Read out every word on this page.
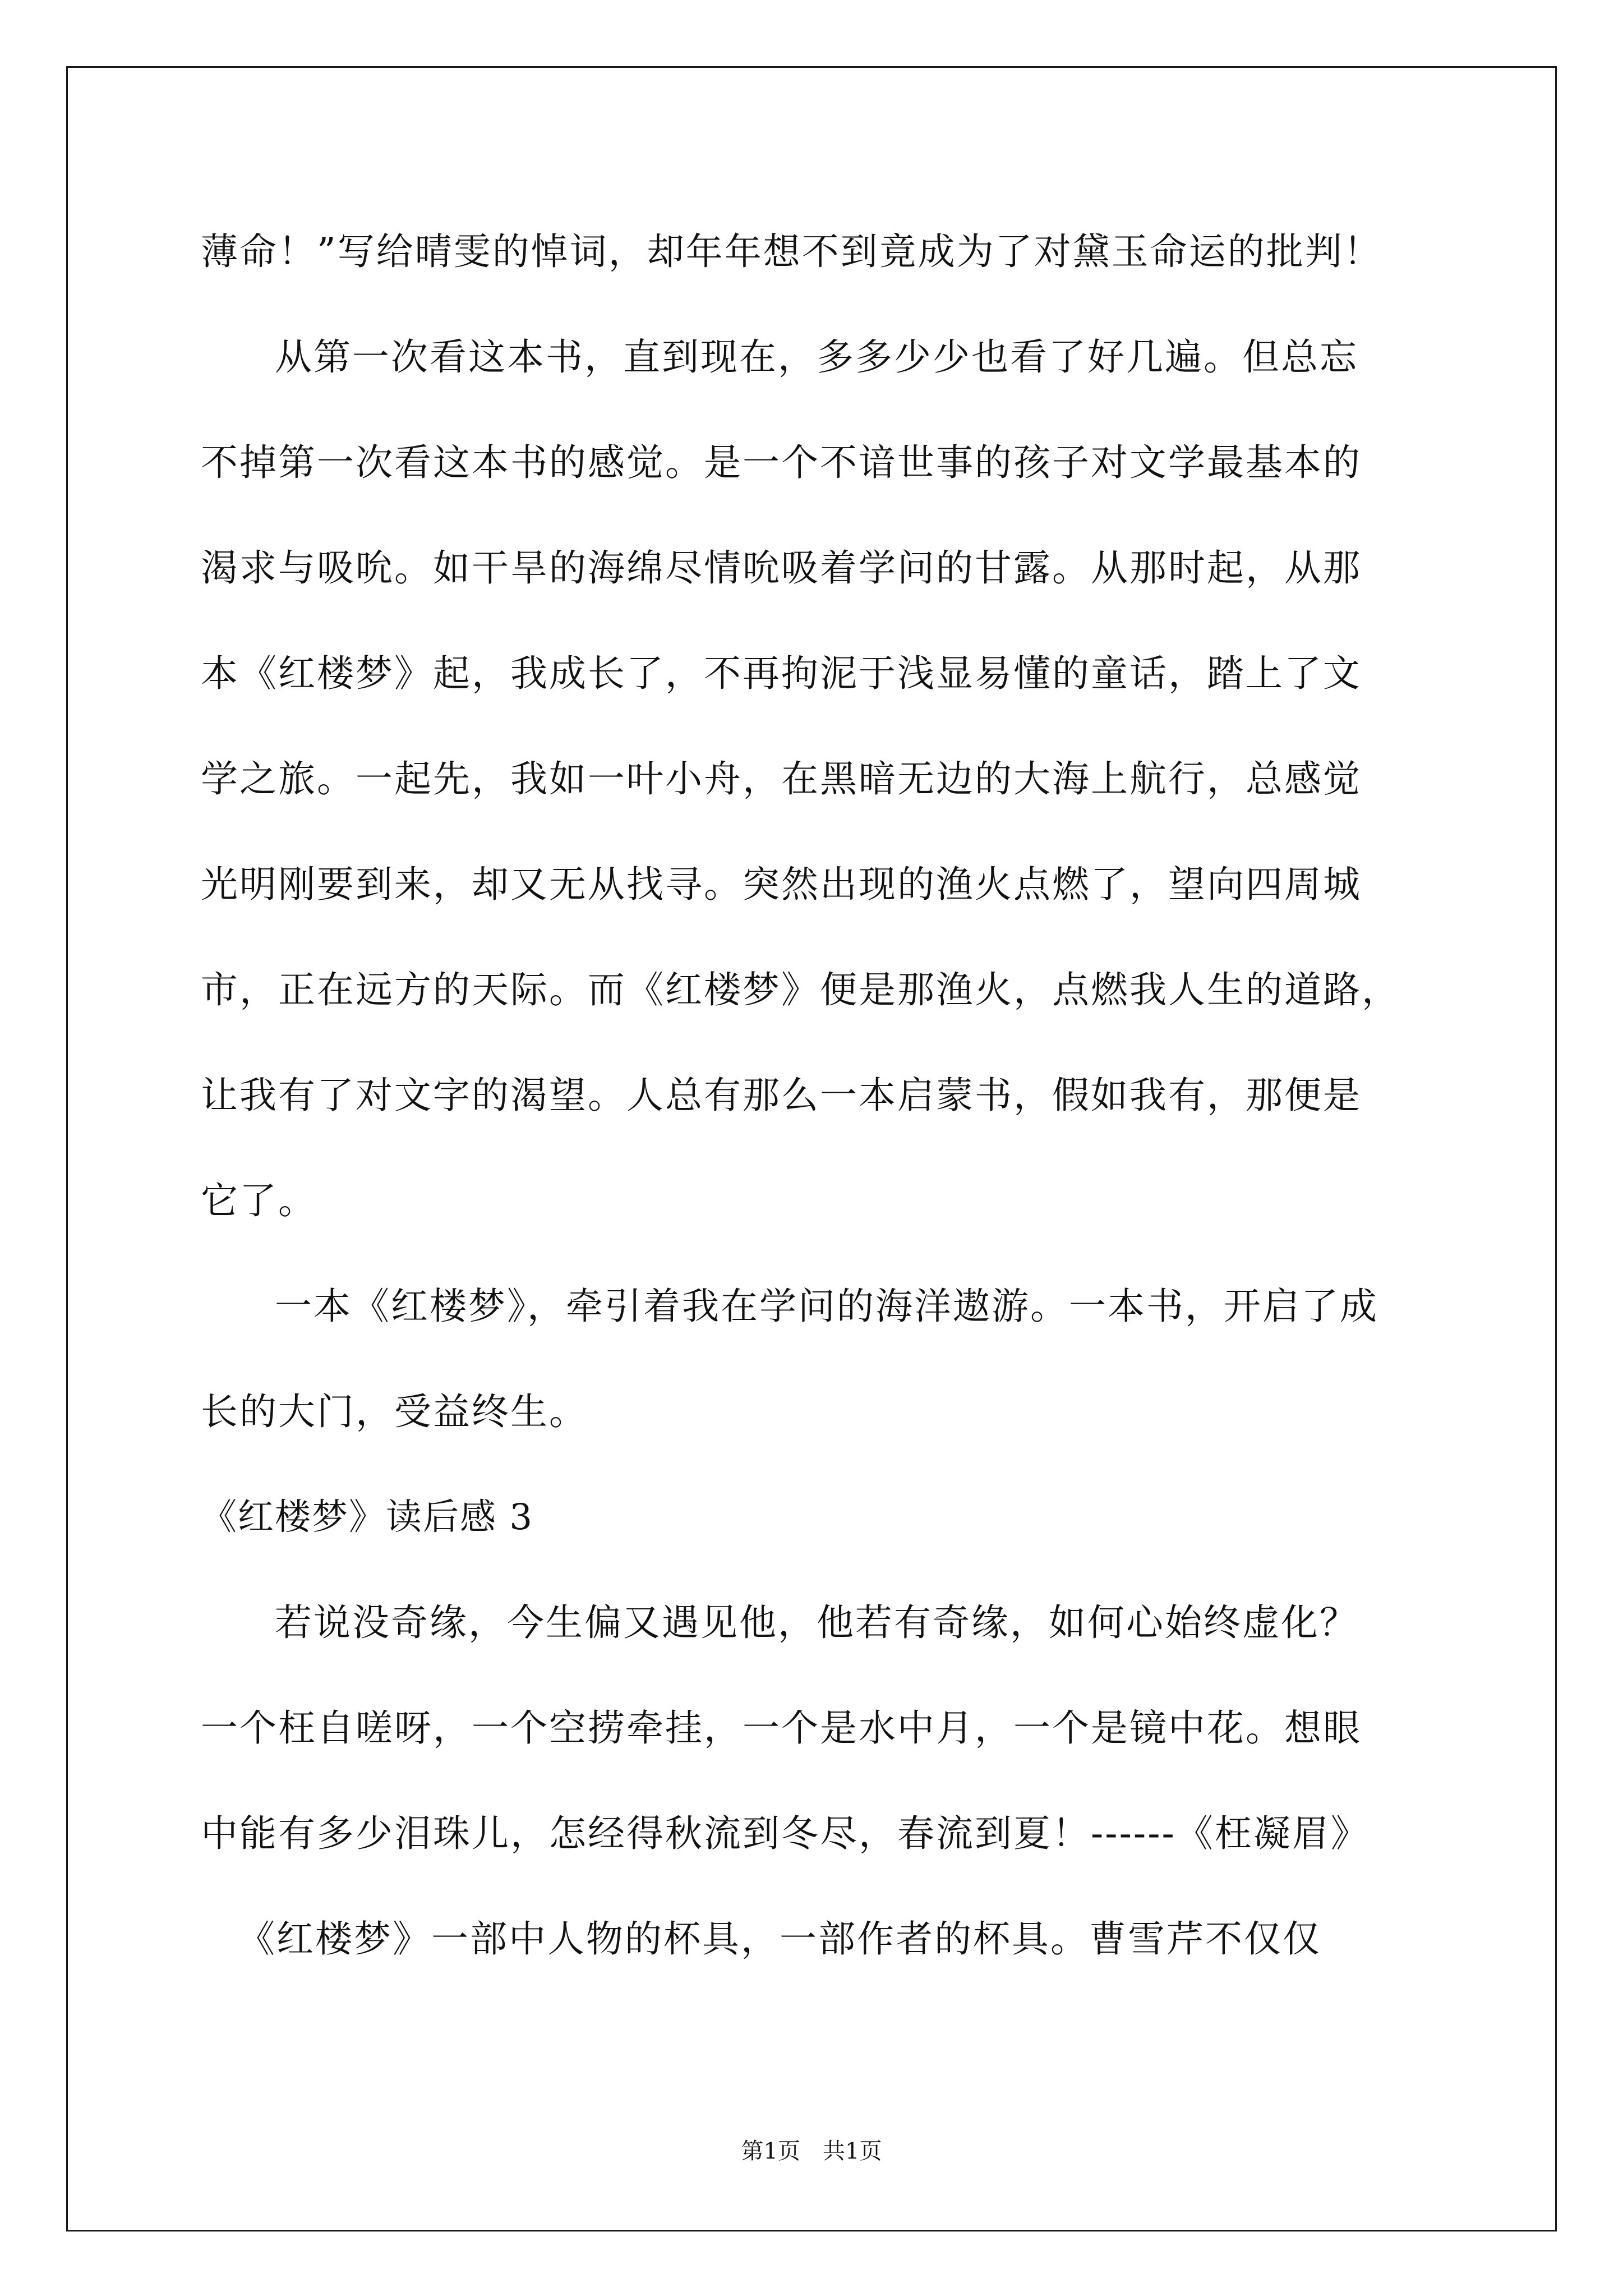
薄命！”写给晴雯的悼词，却年年想不到竟成为了对黛玉命运的批判！
从第一次看这本书，直到现在，多多少少也看了好几遍。但总忘
不掉第一次看这本书的感觉。是一个不谙世事的孩子对文学最基本的
渴求与吸吮。如干旱的海绵尽情吮吸着学问的甘露。从那时起，从那
本《红楼梦》起，我成长了，不再拘泥于浅显易懂的童话，踏上了文
学之旅。一起先，我如一叶小舟，在黑暗无边的大海上航行，总感觉
光明刚要到来，却又无从找寻。突然出现的渔火点燃了，望向四周城
市，正在远方的天际。而《红楼梦》便是那渔火，点燃我人生的道路，
让我有了对文字的渴望。人总有那么一本启蒙书，假如我有，那便是
它了。
一本《红楼梦》，牵引着我在学问的海洋遨游。一本书，开启了成
长的大门，受益终生。
《红楼梦》读后感 3
若说没奇缘，今生偏又遇见他，他若有奇缘，如何心始终虚化？
一个枉自嗟呀，一个空捞牵挂，一个是水中月，一个是镜中花。想眼
中能有多少泪珠儿，怎经得秋流到冬尽，春流到夏！------《枉凝眉》
《红楼梦》一部中人物的杯具，一部作者的杯具。曹雪芹不仅仅
第1页　共1页
